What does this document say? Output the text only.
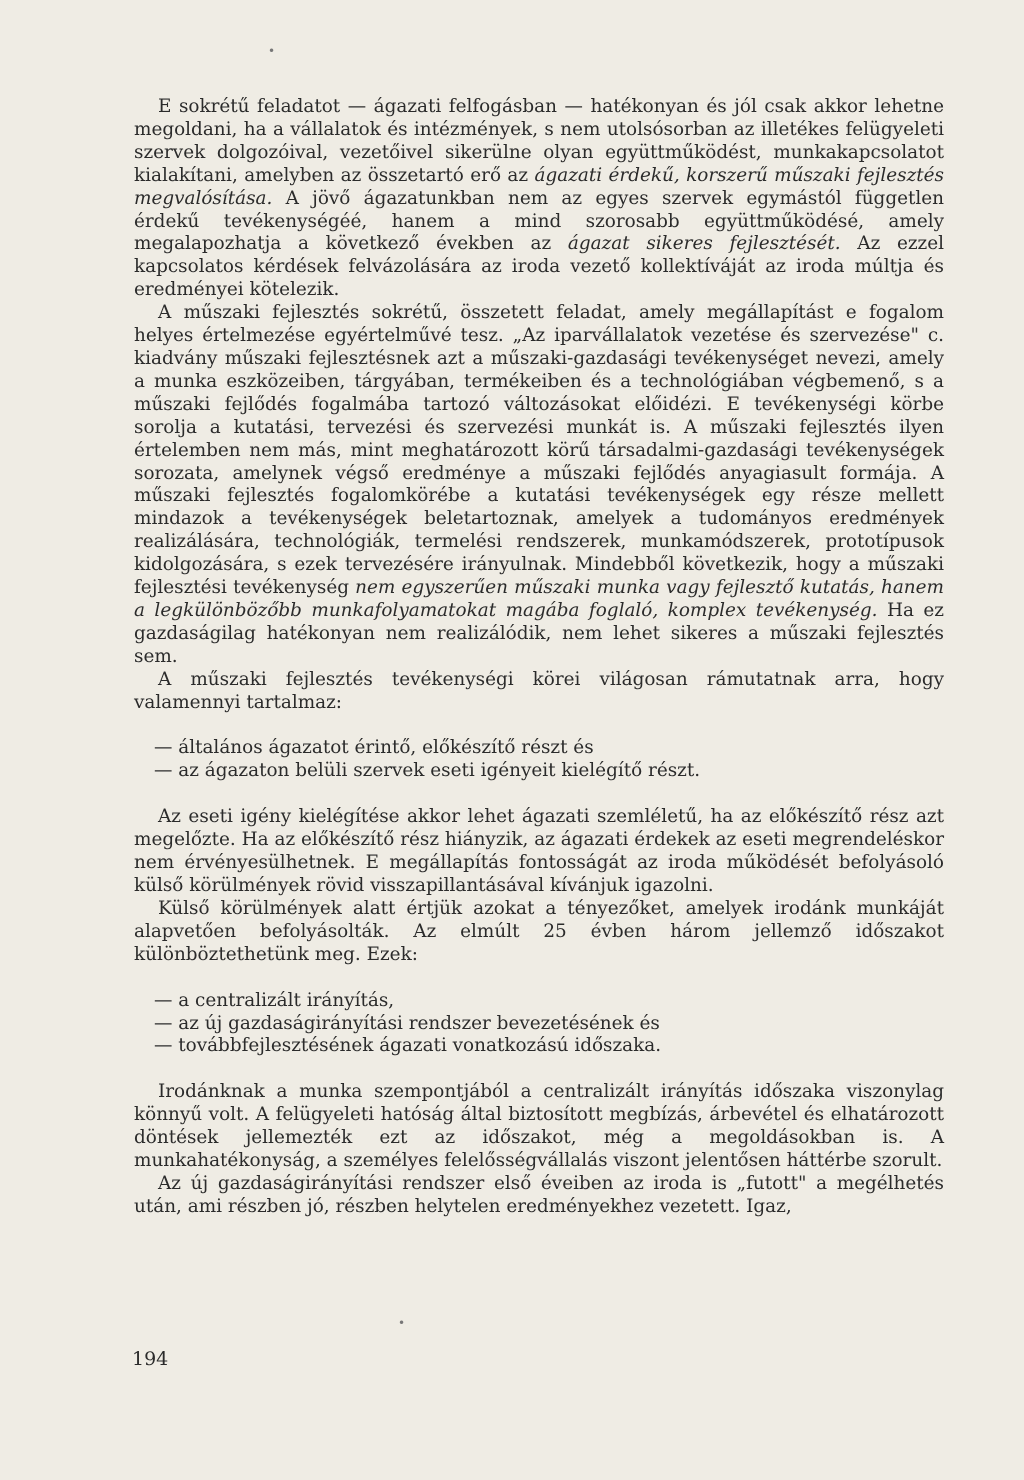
E sokrétű feladatot — ágazati felfogásban — hatékonyan és jól csak akkor lehetne megoldani, ha a vállalatok és intézmények, s nem utolsósorban az illetékes felügyeleti szervek dolgozóival, vezetőivel sikerülne olyan együttműködést, munkakapcsolatot kialakítani, amelyben az összetartó erő az ágazati érdekű, korszerű műszaki fejlesztés megvalósítása. A jövő ágazatunkban nem az egyes szervek egymástól független érdekű tevékenységéé, hanem a mind szorosabb együttműködésé, amely megalapozhatja a következő években az ágazat sikeres fejlesztését. Az ezzel kapcsolatos kérdések felvázolására az iroda vezető kollektíváját az iroda múltja és eredményei kötelezik.

A műszaki fejlesztés sokrétű, összetett feladat, amely megállapítást e fogalom helyes értelmezése egyértelművé tesz. „Az iparvállalatok vezetése és szervezése" c. kiadvány műszaki fejlesztésnek azt a műszaki-gazdasági tevékenységet nevezi, amely a munka eszközeiben, tárgyában, termékeiben és a technológiában végbemenő, s a műszaki fejlődés fogalmába tartozó változásokat előidézi. E tevékenységi körbe sorolja a kutatási, tervezési és szervezési munkát is. A műszaki fejlesztés ilyen értelemben nem más, mint meghatározott körű társadalmi-gazdasági tevékenységek sorozata, amelynek végső eredménye a műszaki fejlődés anyagiasult formája. A műszaki fejlesztés fogalomkörébe a kutatási tevékenységek egy része mellett mindazok a tevékenységek beletartoznak, amelyek a tudományos eredmények realizálására, technológiák, termelési rendszerek, munkamódszerek, prototípusok kidolgozására, s ezek tervezésére irányulnak. Mindebből következik, hogy a műszaki fejlesztési tevékenység nem egyszerűen műszaki munka vagy fejlesztő kutatás, hanem a legkülönbözőbb munkafolyamatokat magába foglaló, komplex tevékenység. Ha ez gazdaságilag hatékonyan nem realizálódik, nem lehet sikeres a műszaki fejlesztés sem.

A műszaki fejlesztés tevékenységi körei világosan rámutatnak arra, hogy valamennyi tartalmaz:

— általános ágazatot érintő, előkészítő részt és
— az ágazaton belüli szervek eseti igényeit kielégítő részt.

Az eseti igény kielégítése akkor lehet ágazati szemléletű, ha az előkészítő rész azt megelőzte. Ha az előkészítő rész hiányzik, az ágazati érdekek az eseti megrendeléskor nem érvényesülhetnek. E megállapítás fontosságát az iroda működését befolyásoló külső körülmények rövid visszapillantásával kívánjuk igazolni.

Külső körülmények alatt értjük azokat a tényezőket, amelyek irodánk munkáját alapvetően befolyásolták. Az elmúlt 25 évben három jellemző időszakot különböztethetünk meg. Ezek:

— a centralizált irányítás,
— az új gazdaságirányítási rendszer bevezetésének és
— továbbfejlesztésének ágazati vonatkozású időszaka.

Irodánknak a munka szempontjából a centralizált irányítás időszaka viszonylag könnyű volt. A felügyeleti hatóság által biztosított megbízás, árbevétel és elhatározott döntések jellemezték ezt az időszakot, még a megoldásokban is. A munkahatékonyság, a személyes felelősségvállalás viszont jelentősen háttérbe szorult.

Az új gazdaságirányítási rendszer első éveiben az iroda is „futott" a megélhetés után, ami részben jó, részben helytelen eredményekhez vezetett. Igaz,

194
•
•
